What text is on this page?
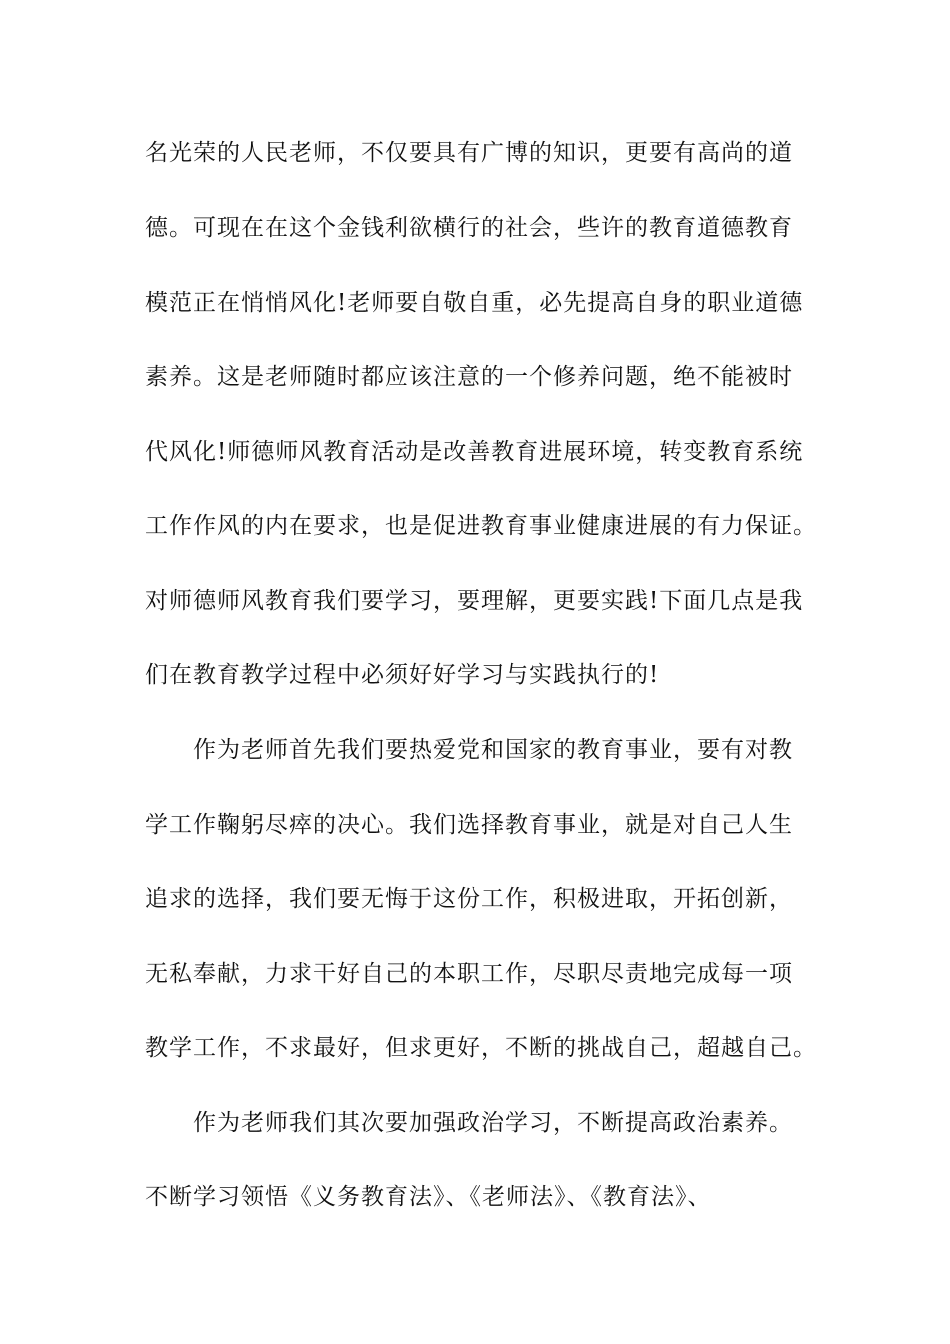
名光荣的人民老师，不仅要具有广博的知识，更要有高尚的道
德。可现在在这个金钱利欲横行的社会，些许的教育道德教育
模范正在悄悄风化!老师要自敬自重，必先提高自身的职业道德
素养。这是老师随时都应该注意的一个修养问题，绝不能被时
代风化!师德师风教育活动是改善教育进展环境，转变教育系统
工作作风的内在要求，也是促进教育事业健康进展的有力保证。
对师德师风教育我们要学习，要理解，更要实践!下面几点是我
们在教育教学过程中必须好好学习与实践执行的!
作为老师首先我们要热爱党和国家的教育事业，要有对教
学工作鞠躬尽瘁的决心。我们选择教育事业，就是对自己人生
追求的选择，我们要无悔于这份工作，积极进取，开拓创新，
无私奉献，力求干好自己的本职工作，尽职尽责地完成每一项
教学工作，不求最好，但求更好，不断的挑战自己，超越自己。
作为老师我们其次要加强政治学习，不断提高政治素养。
不断学习领悟《义务教育法》、《老师法》、《教育法》、
